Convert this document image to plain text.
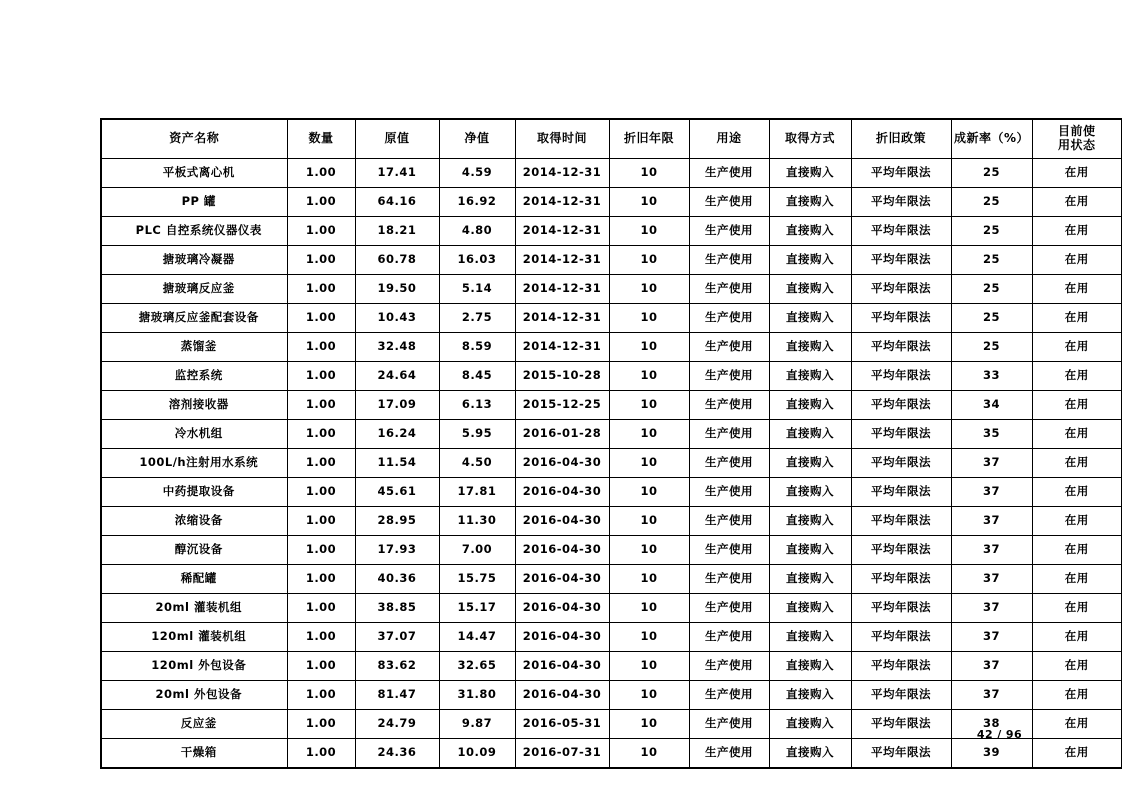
资产名称	数量	原值	净值	取得时间	折旧年限	用途	取得方式	折旧政策	成新率（%）	目前使
用状态
平板式离心机	1.00	17.41	4.59	2014-12-31	10	生产使用	直接购入	平均年限法	25	在用
PP 罐	1.00	64.16	16.92	2014-12-31	10	生产使用	直接购入	平均年限法	25	在用
PLC 自控系统仪器仪表	1.00	18.21	4.80	2014-12-31	10	生产使用	直接购入	平均年限法	25	在用
搪玻璃冷凝器	1.00	60.78	16.03	2014-12-31	10	生产使用	直接购入	平均年限法	25	在用
搪玻璃反应釜	1.00	19.50	5.14	2014-12-31	10	生产使用	直接购入	平均年限法	25	在用
搪玻璃反应釜配套设备	1.00	10.43	2.75	2014-12-31	10	生产使用	直接购入	平均年限法	25	在用
蒸馏釜	1.00	32.48	8.59	2014-12-31	10	生产使用	直接购入	平均年限法	25	在用
监控系统	1.00	24.64	8.45	2015-10-28	10	生产使用	直接购入	平均年限法	33	在用
溶剂接收器	1.00	17.09	6.13	2015-12-25	10	生产使用	直接购入	平均年限法	34	在用
冷水机组	1.00	16.24	5.95	2016-01-28	10	生产使用	直接购入	平均年限法	35	在用
100L/h注射用水系统	1.00	11.54	4.50	2016-04-30	10	生产使用	直接购入	平均年限法	37	在用
中药提取设备	1.00	45.61	17.81	2016-04-30	10	生产使用	直接购入	平均年限法	37	在用
浓缩设备	1.00	28.95	11.30	2016-04-30	10	生产使用	直接购入	平均年限法	37	在用
醇沉设备	1.00	17.93	7.00	2016-04-30	10	生产使用	直接购入	平均年限法	37	在用
稀配罐	1.00	40.36	15.75	2016-04-30	10	生产使用	直接购入	平均年限法	37	在用
20ml 灌装机组	1.00	38.85	15.17	2016-04-30	10	生产使用	直接购入	平均年限法	37	在用
120ml 灌装机组	1.00	37.07	14.47	2016-04-30	10	生产使用	直接购入	平均年限法	37	在用
120ml 外包设备	1.00	83.62	32.65	2016-04-30	10	生产使用	直接购入	平均年限法	37	在用
20ml 外包设备	1.00	81.47	31.80	2016-04-30	10	生产使用	直接购入	平均年限法	37	在用
反应釜	1.00	24.79	9.87	2016-05-31	10	生产使用	直接购入	平均年限法	38	在用
干燥箱	1.00	24.36	10.09	2016-07-31	10	生产使用	直接购入	平均年限法	39	在用
42 / 96
